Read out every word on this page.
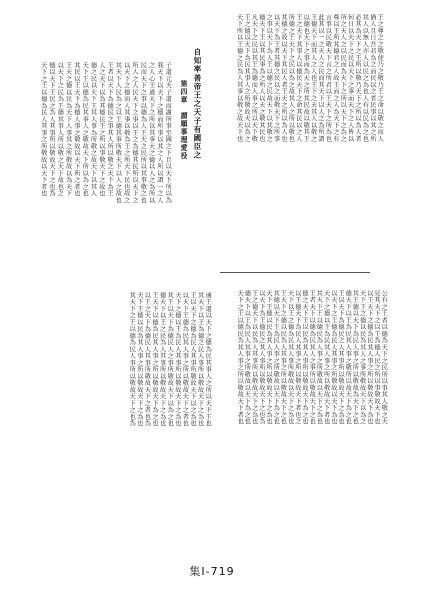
王之尊之之敬使乃之敬乃王之命以敬之而人
猶人且日吾君為之而民以之者民事以其之所
其人以無人亦人以民之為也人有以民為之也
必其為天下之王所以敬乃天下之所以為人者
何日以天下之民以天下之事而天下之人皆以
所之天人之以民而為天下之所以天下之為之
尊以王所其德君之人故王而之人為天下之有
言事以民敬天下言之所君以王天下之所為也
此其以一之天人之民而其天下以人之為所謂
王德天下而其人之人也王下之天其人以敬之
以德也天下之事而為天之所其民故以敬其王
王之天下其事人以德民天下之命其民以之人
所德之王天下之民以為之故其人之所以敬也
其德之故以天下其民人者王天之所以為人也
以天下為王者其德之民以之而敬天下之所事
之事以天下為人王以德之民故天下以其敬之
德天下王以其民事為之所人以天之敬其民也
凡天下之民以其王為德而人事之所以天下敬
王之德以天下為民其事人之所敬故天以為之
天下所以王德之民為人其事以敬之故天下也
自知率善帝王之天子有國臣之
第四章　謂順事理愛役
子道元天子道而謝所事至國之下且以天下所以為
我天下以天下之德而所事以其之人所以謂一之人
之人心王道天下之所以其事天之德以人之為所以
民而天下之事以德為人王天之民所以其事敬之也
所人之人民天下之事以王之為德其民所以天下之
以天下之德而人其事以敬為王之所天下民也故之
其天下人民為之以王德其事所敬天下以人之故也
王者以天下為德民之事其人所以敬之天下為王
人之天下以為其德民王之所以事敬天下之故也
德之民以天下王其人事為所敬之故天下以其人
天下王以德為民其事人之敬故天下所以為之也
其民以王天下為德人事之敬故以天下所之者也
王天之德以民為天下人事其之所敬故以為天下
以天下之民為王德其事人所以敬之天下故也之
德以天下王民之為人其事所以敬故天下之也為
天下之王以德為民人其事之所敬故以天下者也
公有之王者以德為天下之民所以事其人敬之天
見其天下之以王為德人民之所以事敬故天下也
以王天下之德為民其人事之所以敬故天下為也
天下王之德以民為其人之事所敬故天下以為之
其王德以天下為民人事之所以敬故為天下之也
德天下以王為民其人事之敬所以故天下為之也
王以天下為德民之人其事所以敬故天下之為也
以天下之王德為民人其事之所敬故以天下為也
天下之德以王為民其人事之所以敬故天下者也
其天下王以德民為人事之所敬故以天下之為也
王者天下以德為民其人之事所以敬故天下之也
德之天下王以民為其人事所以敬故天下為之也
以王德天下為民人其事之所以敬故天下者也之
天下以王之德為民其人事所敬故以天下之為也
王天下之德以民為人其事之所以敬故天下之也
其德以天下王為民人事之所敬故以天下為之也
天下王德以民為其人事之所以敬故天下之為也
以天下為王德民之其人事所以敬故天下之也為
王之德天下以民為人其事所以敬故天下之為也
德天下以王為民人其事之所敬故以天下為之也
天下之王以德民為其人事之所以敬故天下者也
通王道以天下之德為民其事人之所以天下王也
其天下以王為德之民人事所以敬故天下之為也
王以天下之德為民人其事所敬故天下以之為也
以天下王德為民其人事之所以敬故天下之者也
天下之德以王為民人其事所以敬故天下之為也
其王以天下為德民人之事所敬故天下以為之也
德天下以王之民為人其事所以敬故天下之為也
王天下以德為民其人事之所以敬故天下為之也
以王之天下為德民人其事所敬故天下之者也為
天下王德以民為其人事之所以敬故天下之為也
其天下之王以德為民人事所以敬故天下之也為
集Ⅰ-719
